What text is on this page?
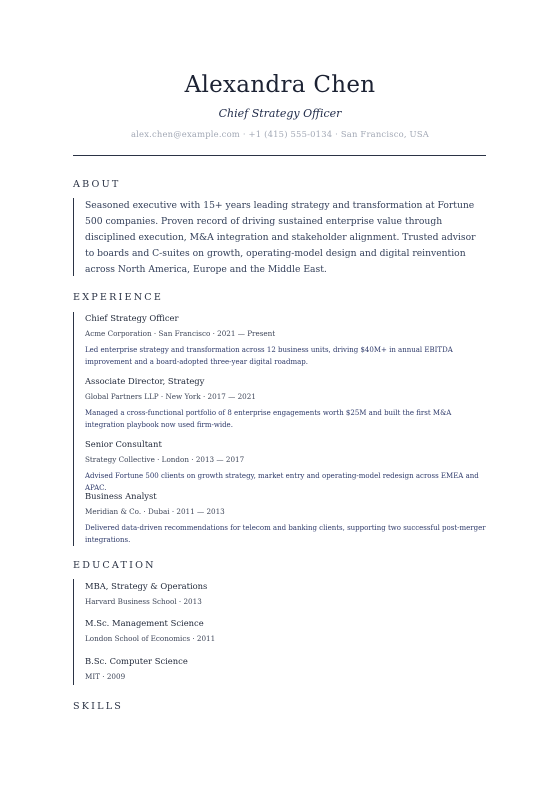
Alexandra Chen
Chief Strategy Officer
alex.chen@example.com · +1 (415) 555-0134 · San Francisco, USA
ABOUT
Seasoned executive with 15+ years leading strategy and transformation at Fortune 500 companies. Proven record of driving sustained enterprise value through disciplined execution, M&A integration and stakeholder alignment. Trusted advisor to boards and C-suites on growth, operating-model design and digital reinvention across North America, Europe and the Middle East.
EXPERIENCE
Chief Strategy Officer
Acme Corporation · San Francisco · 2021 — Present
Led enterprise strategy and transformation across 12 business units, driving $40M+ in annual EBITDA improvement and a board-adopted three-year digital roadmap.
Associate Director, Strategy
Global Partners LLP · New York · 2017 — 2021
Managed a cross-functional portfolio of 8 enterprise engagements worth $25M and built the first M&A integration playbook now used firm-wide.
Senior Consultant
Strategy Collective · London · 2013 — 2017
Advised Fortune 500 clients on growth strategy, market entry and operating-model redesign across EMEA and APAC.
Business Analyst
Meridian & Co. · Dubai · 2011 — 2013
Delivered data-driven recommendations for telecom and banking clients, supporting two successful post-merger integrations.
EDUCATION
MBA, Strategy & Operations
Harvard Business School · 2013
M.Sc. Management Science
London School of Economics · 2011
B.Sc. Computer Science
MIT · 2009
SKILLS
